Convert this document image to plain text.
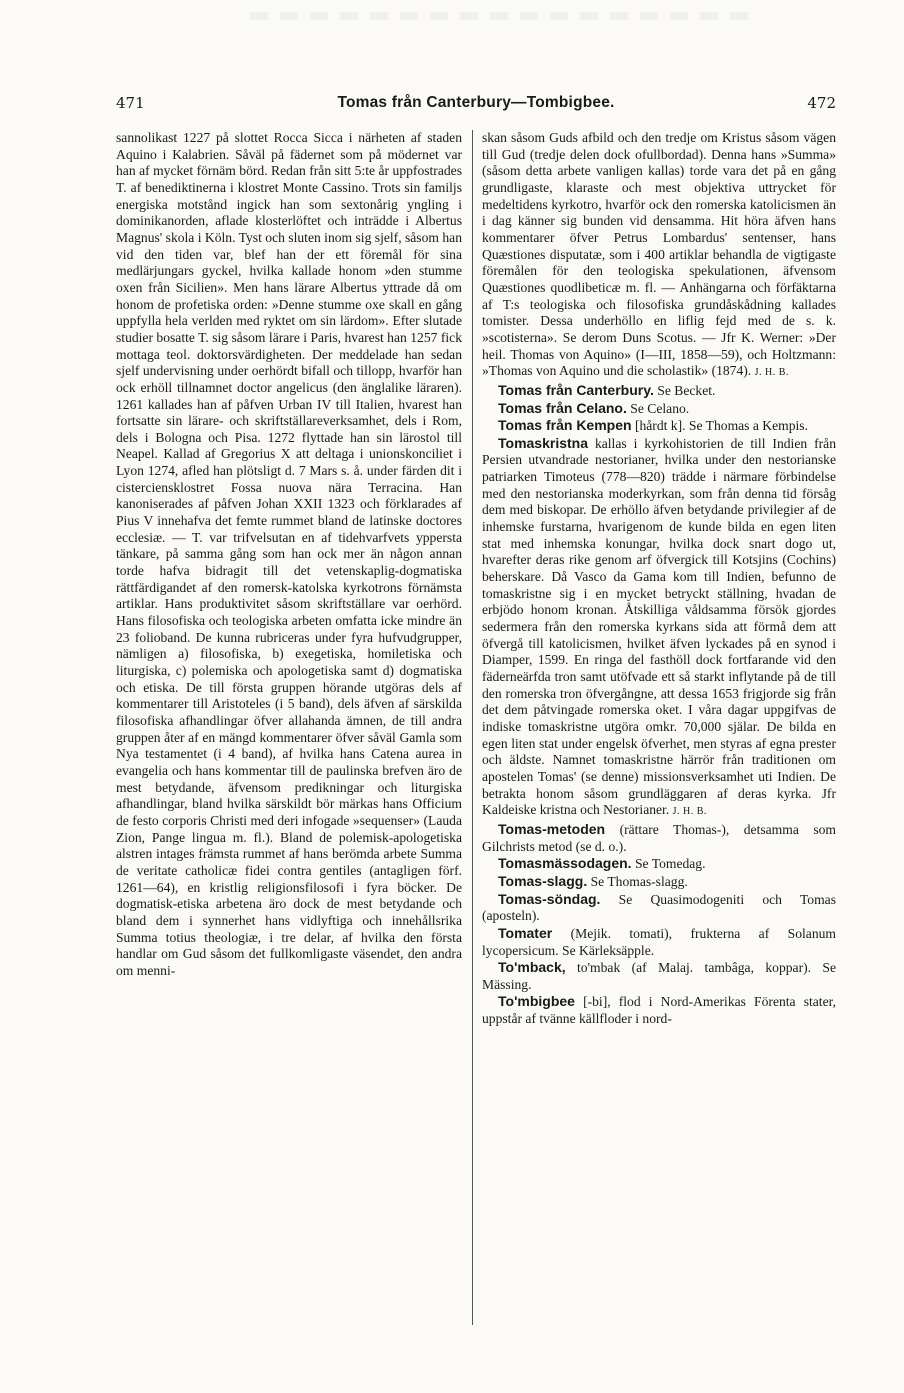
471	Tomas från Canterbury—Tombigbee.	472

sannolikast 1227 på slottet Rocca Sicca i närheten af staden Aquino i Kalabrien. Såväl på fädernet som på mödernet var han af mycket förnäm börd. Redan från sitt 5:te år uppfostrades T. af benediktinerna i klostret Monte Cassino. Trots sin familjs energiska motstånd ingick han som sextonårig yngling i dominikanorden, aflade klosterlöftet och inträdde i Albertus Magnus' skola i Köln. Tyst och sluten inom sig sjelf, såsom han vid den tiden var, blef han der ett föremål för sina medlärjungars gyckel, hvilka kallade honom »den stumme oxen från Sicilien». Men hans lärare Albertus yttrade då om honom de profetiska orden: »Denne stumme oxe skall en gång uppfylla hela verlden med ryktet om sin lärdom». Efter slutade studier bosatte T. sig såsom lärare i Paris, hvarest han 1257 fick mottaga teol. doktorsvärdigheten. Der meddelade han sedan sjelf undervisning under oerhördt bifall och tillopp, hvarför han ock erhöll tillnamnet doctor angelicus (den änglalike läraren). 1261 kallades han af påfven Urban IV till Italien, hvarest han fortsatte sin lärare- och skriftställareverksamhet, dels i Rom, dels i Bologna och Pisa. 1272 flyttade han sin lärostol till Neapel. Kallad af Gregorius X att deltaga i unionskonciliet i Lyon 1274, afled han plötsligt d. 7 Mars s. å. under färden dit i cisterciensklostret Fossa nuova nära Terracina. Han kanoniserades af påfven Johan XXII 1323 och förklarades af Pius V innehafva det femte rummet bland de latinske doctores ecclesiæ. — T. var trifvelsutan en af tidehvarfvets yppersta tänkare, på samma gång som han ock mer än någon annan torde hafva bidragit till det vetenskaplig-dogmatiska rättfärdigandet af den romersk-katolska kyrkotrons förnämsta artiklar. Hans produktivitet såsom skriftställare var oerhörd. Hans filosofiska och teologiska arbeten omfatta icke mindre än 23 folioband. De kunna rubriceras under fyra hufvudgrupper, nämligen a) filosofiska, b) exegetiska, homiletiska och liturgiska, c) polemiska och apologetiska samt d) dogmatiska och etiska. De till första gruppen hörande utgöras dels af kommentarer till Aristoteles (i 5 band), dels äfven af särskilda filosofiska afhandlingar öfver allahanda ämnen, de till andra gruppen åter af en mängd kommentarer öfver såväl Gamla som Nya testamentet (i 4 band), af hvilka hans Catena aurea in evangelia och hans kommentar till de paulinska brefven äro de mest betydande, äfvensom predikningar och liturgiska afhandlingar, bland hvilka särskildt bör märkas hans Officium de festo corporis Christi med deri infogade »sequenser» (Lauda Zion, Pange lingua m. fl.). Bland de polemisk-apologetiska alstren intages främsta rummet af hans berömda arbete Summa de veritate catholicæ fidei contra gentiles (antagligen förf. 1261—64), en kristlig religionsfilosofi i fyra böcker. De dogmatisk-etiska arbetena äro dock de mest betydande och bland dem i synnerhet hans vidlyftiga och innehållsrika Summa totius theologiæ, i tre delar, af hvilka den första handlar om Gud såsom det fullkomligaste väsendet, den andra om menni-

skan såsom Guds afbild och den tredje om Kristus såsom vägen till Gud (tredje delen dock ofullbordad). Denna hans »Summa» (såsom detta arbete vanligen kallas) torde vara det på en gång grundligaste, klaraste och mest objektiva uttrycket för medeltidens kyrkotro, hvarför ock den romerska katolicismen än i dag känner sig bunden vid densamma. Hit höra äfven hans kommentarer öfver Petrus Lombardus' sentenser, hans Quæstiones disputatæ, som i 400 artiklar behandla de vigtigaste föremålen för den teologiska spekulationen, äfvensom Quæstiones quodlibeticæ m. fl. — Anhängarna och förfäktarna af T:s teologiska och filosofiska grundåskådning kallades tomister. Dessa underhöllo en liflig fejd med de s. k. »scotisterna». Se derom Duns Scotus. — Jfr K. Werner: »Der heil. Thomas von Aquino» (I—III, 1858—59), och Holtzmann: »Thomas von Aquino und die scholastik» (1874). J. H. B.

Tomas från Canterbury. Se Becket.

Tomas från Celano. Se Celano.

Tomas från Kempen [hårdt k]. Se Thomas a Kempis.

Tomaskristna kallas i kyrkohistorien de till Indien från Persien utvandrade nestorianer, hvilka under den nestorianske patriarken Timoteus (778—820) trädde i närmare förbindelse med den nestorianska moderkyrkan, som från denna tid försåg dem med biskopar. De erhöllo äfven betydande privilegier af de inhemske furstarna, hvarigenom de kunde bilda en egen liten stat med inhemska konungar, hvilka dock snart dogo ut, hvarefter deras rike genom arf öfvergick till Kotsjins (Cochins) beherskare. Då Vasco da Gama kom till Indien, befunno de tomaskristne sig i en mycket betryckt ställning, hvadan de erbjödo honom kronan. Åtskilliga våldsamma försök gjordes sedermera från den romerska kyrkans sida att förmå dem att öfvergå till katolicismen, hvilket äfven lyckades på en synod i Diamper, 1599. En ringa del fasthöll dock fortfarande vid den fäderneärfda tron samt utöfvade ett så starkt inflytande på de till den romerska tron öfvergångne, att dessa 1653 frigjorde sig från det dem påtvingade romerska oket. I våra dagar uppgifvas de indiske tomaskristne utgöra omkr. 70,000 själar. De bilda en egen liten stat under engelsk öfverhet, men styras af egna prester och äldste. Namnet tomaskristne härrör från traditionen om apostelen Tomas' (se denne) missionsverksamhet uti Indien. De betrakta honom såsom grundläggaren af deras kyrka. Jfr Kaldeiske kristna och Nestorianer. J. H. B.

Tomas-metoden (rättare Thomas-), detsamma som Gilchrists metod (se d. o.).

Tomasmässodagen. Se Tomedag.

Tomas-slagg. Se Thomas-slagg.

Tomas-söndag. Se Quasimodogeniti och Tomas (aposteln).

Tomater (Mejik. tomati), frukterna af Solanum lycopersicum. Se Kärleksäpple.

To'mback, to'mbak (af Malaj. tambâga, koppar). Se Mässing.

To'mbigbee [-bi], flod i Nord-Amerikas Förenta stater, uppstår af tvänne källfloder i nord-
